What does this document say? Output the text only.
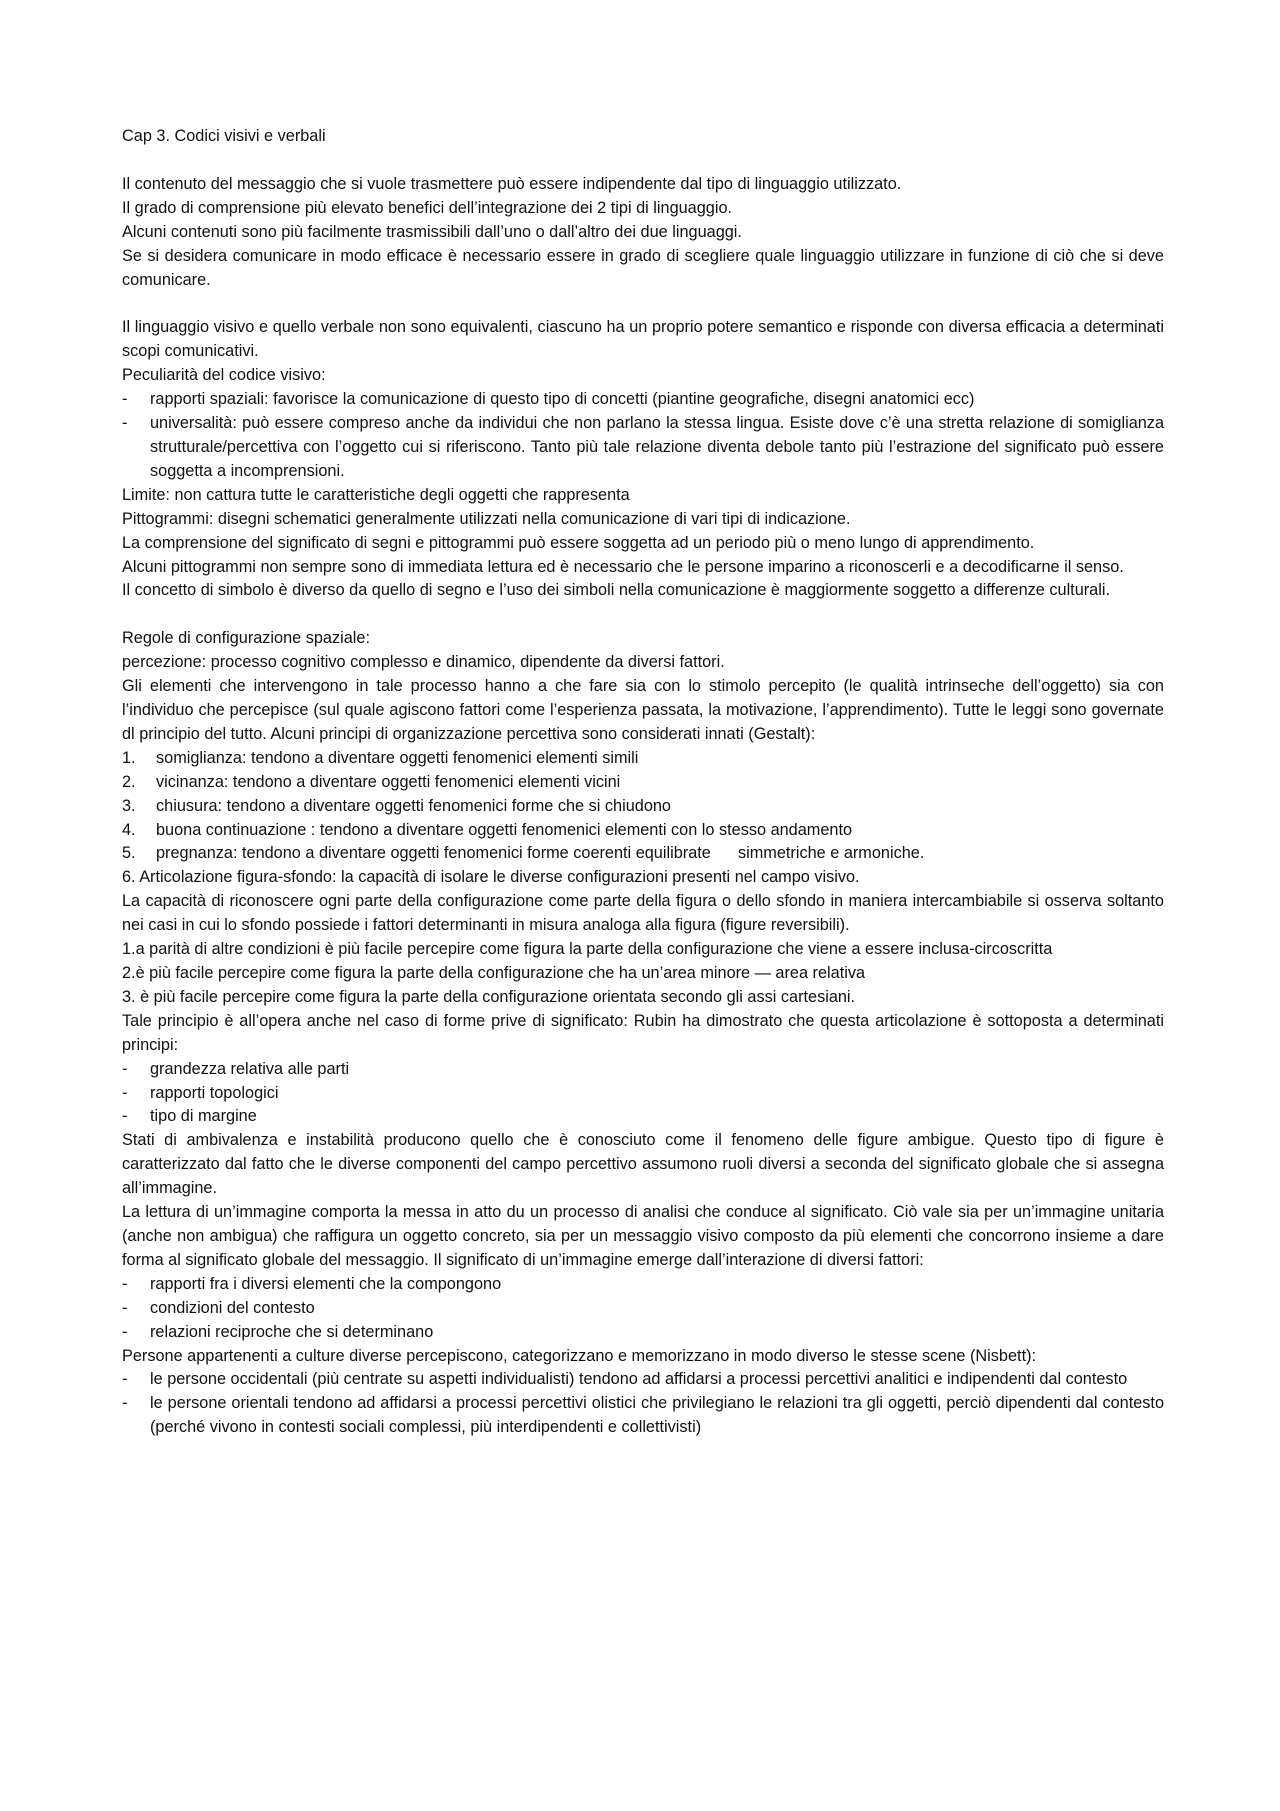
Cap 3. Codici visivi e verbali

Il contenuto del messaggio che si vuole trasmettere può essere indipendente dal tipo di linguaggio utilizzato.

Il grado di comprensione più elevato benefici dell’integrazione dei 2 tipi di linguaggio.

Alcuni contenuti sono più facilmente trasmissibili dall’uno o dall’altro dei due linguaggi.

Se si desidera comunicare in modo efficace è necessario essere in grado di scegliere quale linguaggio utilizzare in funzione di ciò che si deve comunicare.

Il linguaggio visivo e quello verbale non sono equivalenti, ciascuno ha un proprio potere semantico e risponde con diversa efficacia a determinati scopi comunicativi.

Peculiarità del codice visivo:

- rapporti spaziali: favorisce la comunicazione di questo tipo di concetti (piantine geografiche, disegni anatomici ecc)
- universalità: può essere compreso anche da individui che non parlano la stessa lingua. Esiste dove c’è una stretta relazione di somiglianza strutturale/percettiva con l’oggetto cui si riferiscono. Tanto più tale relazione diventa debole tanto più l’estrazione del significato può essere soggetta a incomprensioni.

Limite: non cattura tutte le caratteristiche degli oggetti che rappresenta

Pittogrammi: disegni schematici generalmente utilizzati nella comunicazione di vari tipi di indicazione.

La comprensione del significato di segni e pittogrammi può essere soggetta ad un periodo più o meno lungo di apprendimento.

Alcuni pittogrammi non sempre sono di immediata lettura ed è necessario che le persone imparino a riconoscerli e a decodificarne il senso.

Il concetto di simbolo è diverso da quello di segno e l’uso dei simboli nella comunicazione è maggiormente soggetto a differenze culturali.

Regole di configurazione spaziale:

percezione: processo cognitivo complesso e dinamico, dipendente da diversi fattori.

Gli elementi che intervengono in tale processo hanno a che fare sia con lo stimolo percepito (le qualità intrinseche dell’oggetto) sia con l’individuo che percepisce (sul quale agiscono fattori come l’esperienza passata, la motivazione, l’apprendimento). Tutte le leggi sono governate dl principio del tutto. Alcuni principi di organizzazione percettiva sono considerati innati (Gestalt):

1. somiglianza: tendono a diventare oggetti fenomenici elementi simili
2. vicinanza: tendono a diventare oggetti fenomenici elementi vicini
3. chiusura: tendono a diventare oggetti fenomenici forme che si chiudono
4. buona continuazione : tendono a diventare oggetti fenomenici elementi con lo stesso andamento
5. pregnanza: tendono a diventare oggetti fenomenici forme coerenti equilibrate      simmetriche e armoniche.

6. Articolazione figura-sfondo: la capacità di isolare le diverse configurazioni presenti nel campo visivo.

La capacità di riconoscere ogni parte della configurazione come parte della figura o dello sfondo in maniera intercambiabile si osserva soltanto nei casi in cui lo sfondo possiede i fattori determinanti in misura analoga alla figura (figure reversibili).

1.a parità di altre condizioni è più facile percepire come figura la parte della configurazione che viene a essere inclusa-circoscritta

2.è più facile percepire come figura la parte della configurazione che ha un’area minore — area relativa

3. è più facile percepire come figura la parte della configurazione orientata secondo gli assi cartesiani.

Tale principio è all’opera anche nel caso di forme prive di significato: Rubin ha dimostrato che questa articolazione è sottoposta a determinati principi:

- grandezza relativa alle parti
- rapporti topologici
- tipo di margine

Stati di ambivalenza e instabilità producono quello che è conosciuto come il fenomeno delle figure ambigue. Questo tipo di figure è caratterizzato dal fatto che le diverse componenti del campo percettivo assumono ruoli diversi a seconda del significato globale che si assegna all’immagine.

La lettura di un’immagine comporta la messa in atto du un processo di analisi che conduce al significato. Ciò vale sia per un’immagine unitaria (anche non ambigua) che raffigura un oggetto concreto, sia per un messaggio visivo composto da più elementi che concorrono insieme a dare forma al significato globale del messaggio. Il significato di un’immagine emerge dall’interazione di diversi fattori:

- rapporti fra i diversi elementi che la compongono
- condizioni del contesto
- relazioni reciproche che si determinano

Persone appartenenti a culture diverse percepiscono, categorizzano e memorizzano in modo diverso le stesse scene (Nisbett):

- le persone occidentali (più centrate su aspetti individualisti) tendono ad affidarsi a processi percettivi analitici e indipendenti dal contesto
- le persone orientali tendono ad affidarsi a processi percettivi olistici che privilegiano le relazioni tra gli oggetti, perciò dipendenti dal contesto (perché vivono in contesti sociali complessi, più interdipendenti e collettivisti)
